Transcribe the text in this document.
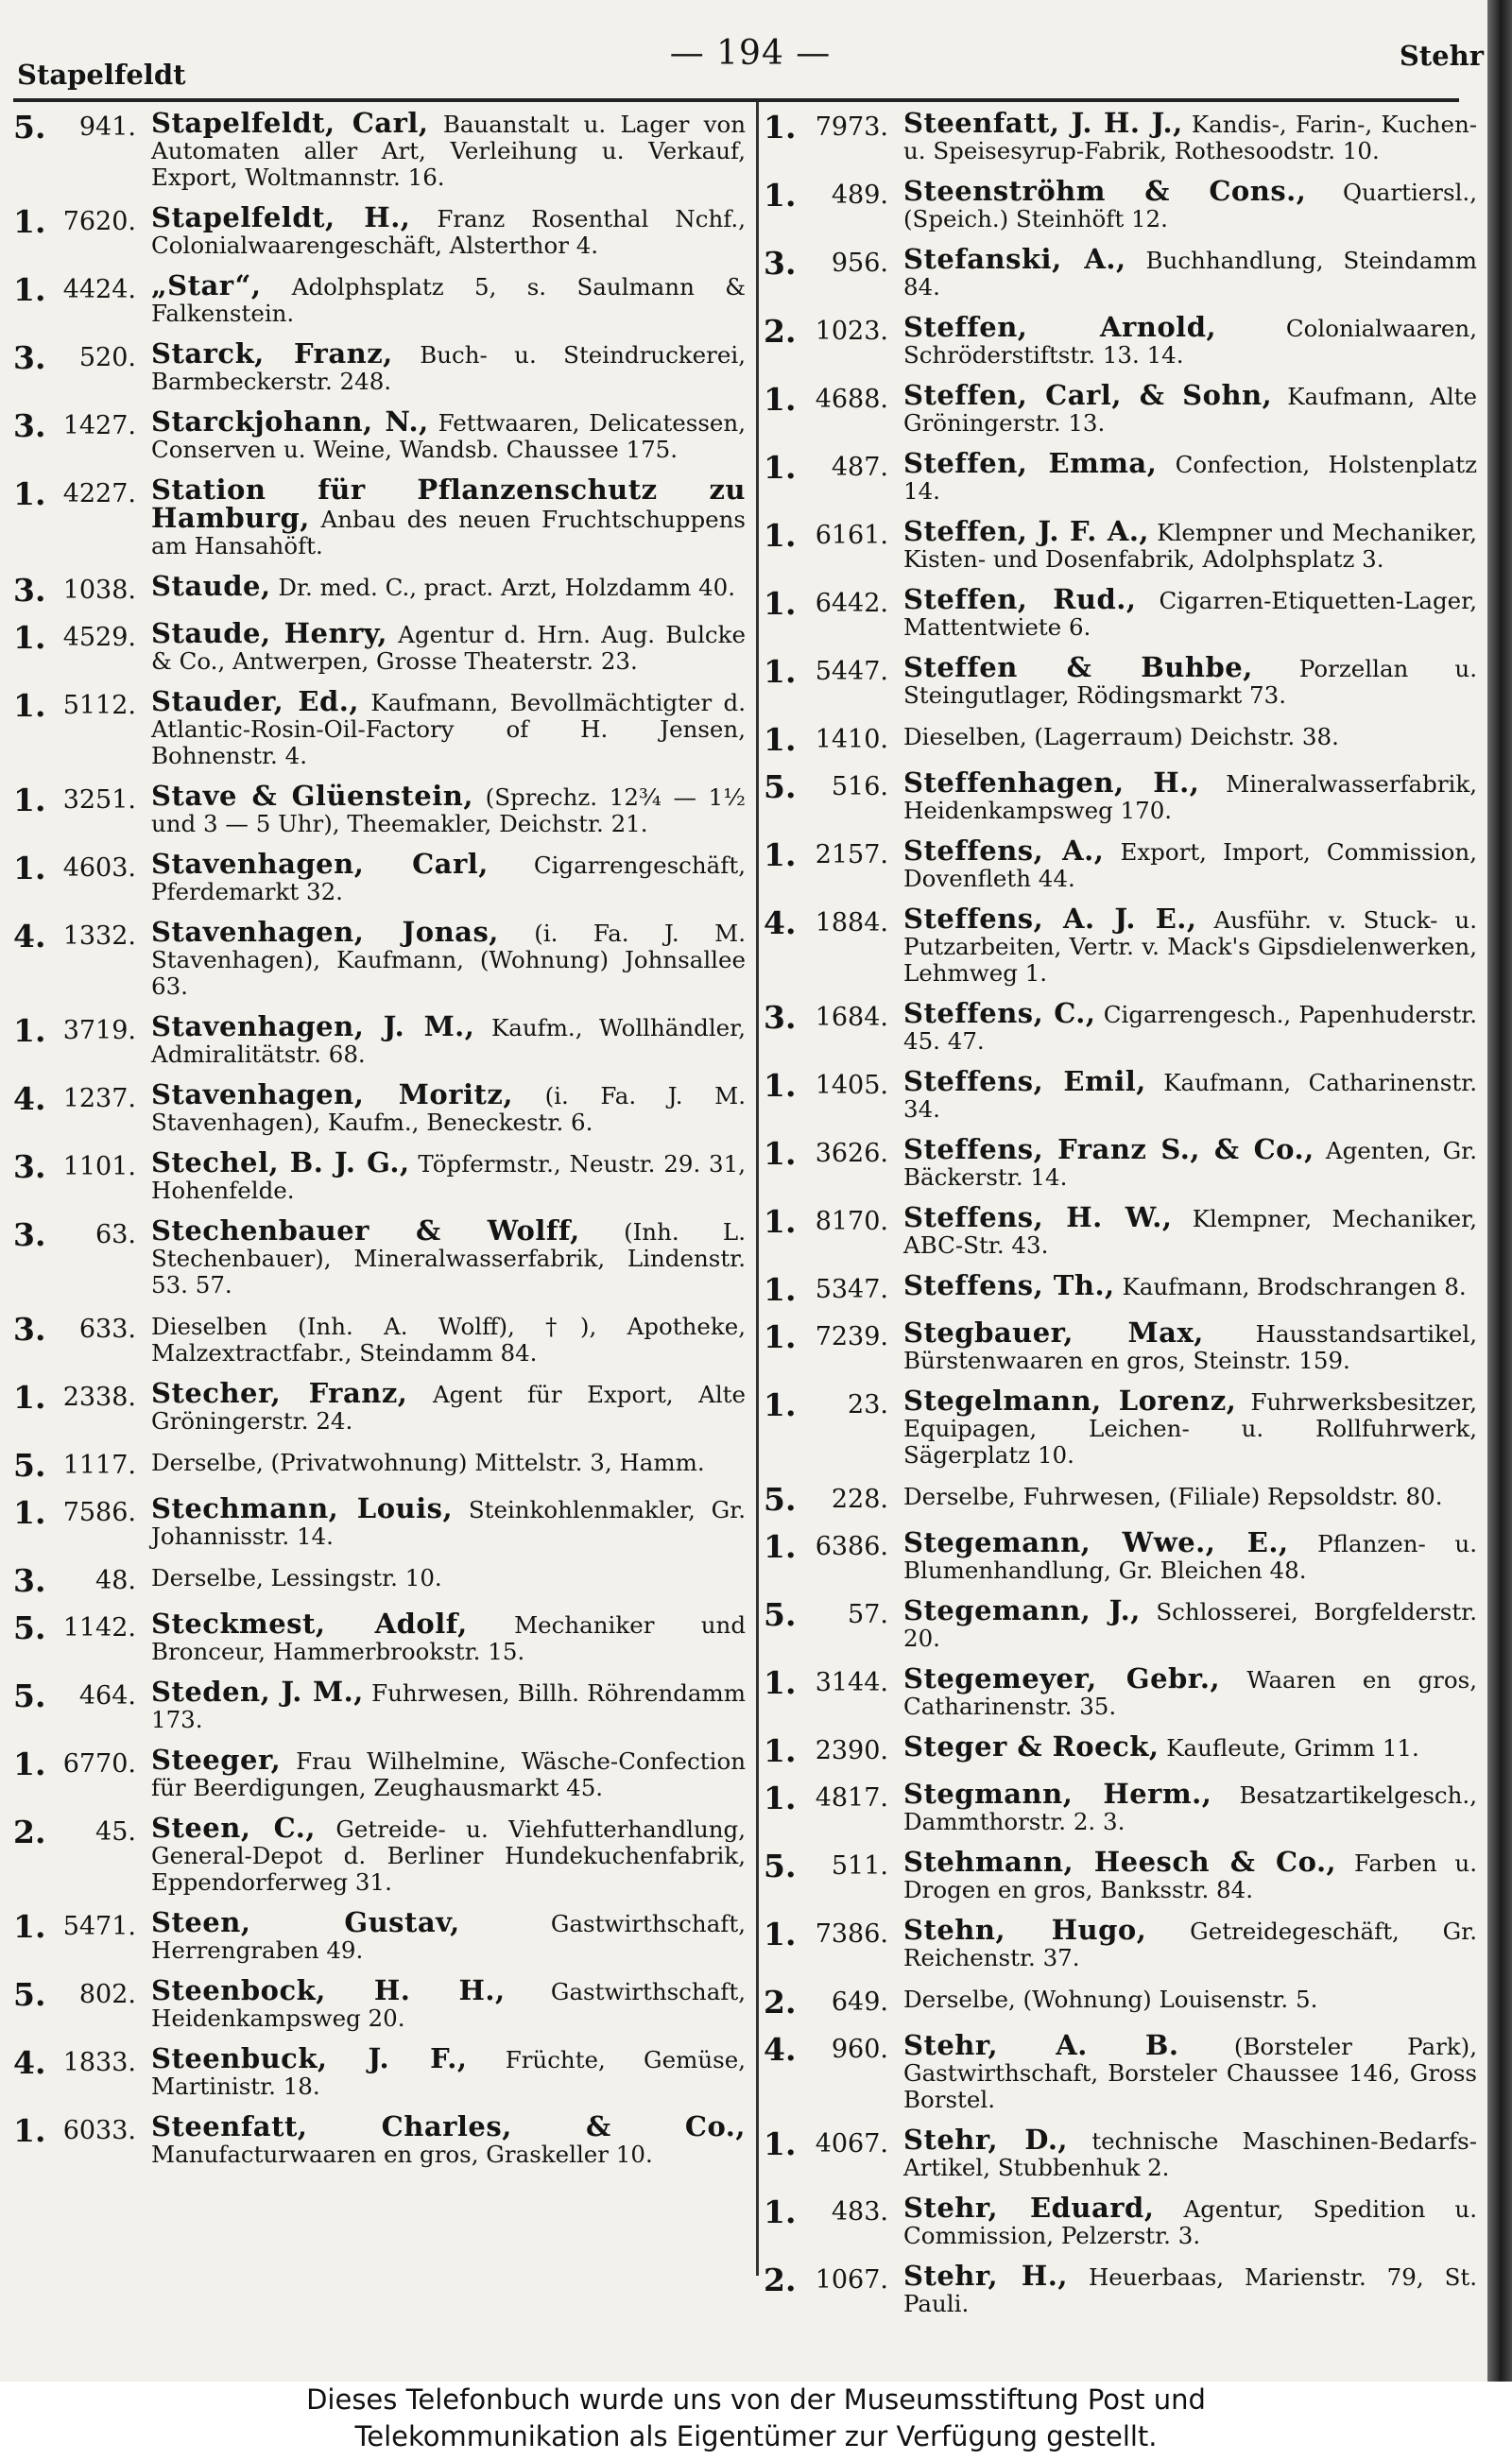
Stapelfeldt
— 194 —	Stehr
5.	941. Stapelfeldt, Carl, Bauanstalt u. Lager von Automaten aller Art, Verleihung u. Verkauf, Export, Woltmannstr. 16.
1. 7620. Stapelfeldt, H., Franz Rosenthal Nchf., Colonialwaarengeschäft, Alsterthor 4.
1. 4424. „Star“, Adolphsplatz 5, s. Saulmann & Falkenstein.
3.	520. Starck, Franz, Buch- u. Steindruckerei, Barmbeckerstr. 248.
3. 1427. Starckjohann, N., Fettwaaren, Delicatessen, Conserven u. Weine, Wandsb. Chaussee 175.
1. 4227. Station für Pflanzenschutz zu Hamburg, Anbau des neuen Fruchtschuppens am Hansahöft.
3. 1038. Staude, Dr. med. C., pract. Arzt, Holzdamm 40.
1. 4529. Staude, Henry, Agentur d. Hrn. Aug. Bulcke & Co., Antwerpen, Grosse Theaterstr. 23.
1. 5112. Stauder, Ed., Kaufmann, Bevollmächtigter d. Atlantic-Rosin-Oil-Factory of H. Jensen, Bohnenstr. 4.
1. 3251. Stave & Glüenstein, (Sprechz. 12¾ — 1½ und 3 — 5 Uhr), Theemakler, Deichstr. 21.
1. 4603. Stavenhagen, Carl, Cigarrengeschäft, Pferdemarkt 32.
4. 1332. Stavenhagen, Jonas, (i. Fa. J. M. Stavenhagen), Kaufmann, (Wohnung) Johnsallee 63.
1. 3719. Stavenhagen, J. M., Kaufm., Wollhändler, Admiralitätstr. 68.
4. 1237. Stavenhagen, Moritz, (i. Fa. J. M. Stavenhagen), Kaufm., Beneckestr. 6.
3. 1101. Stechel, B. J. G., Töpfermstr., Neustr. 29. 31, Hohenfelde.
3.	63. Stechenbauer & Wolff, (Inh. L. Stechenbauer), Mineralwasserfabrik, Lindenstr. 53. 57.
3.	633. Dieselben (Inh. A. Wolff), †), Apotheke, Malzextractfabr., Steindamm 84.
1. 2338. Stecher, Franz, Agent für Export, Alte Gröningerstr. 24.
5. 1117. Derselbe, (Privatwohnung) Mittelstr. 3, Hamm.
1. 7586. Stechmann, Louis, Steinkohlenmakler, Gr. Johannisstr. 14.
3.	48. Derselbe, Lessingstr. 10.
5. 1142. Steckmest, Adolf, Mechaniker und Bronceur, Hammerbrookstr. 15.
5.	464. Steden, J. M., Fuhrwesen, Billh. Röhrendamm 173.
1. 6770. Steeger, Frau Wilhelmine, Wäsche-Confection für Beerdigungen, Zeughausmarkt 45.
2.	45. Steen, C., Getreide- u. Viehfutterhandlung, General-Depot d. Berliner Hundekuchenfabrik, Eppendorferweg 31.
1. 5471. Steen, Gustav,	Gastwirthschaft, Herrengraben 49.
5.	802. Steenbock, H. H., Gastwirthschaft, Heidenkampsweg 20.
4. 1833. Steenbuck, J. F., Früchte, Gemüse, Martinistr. 18.
1. 6033. Steenfatt, Charles, & Co., Manufacturwaaren en gros, Graskeller 10.
1. 7973. Steenfatt, J. H. J., Kandis-, Farin-, Kuchen- u. Speisesyrup-Fabrik, Rothesoodstr. 10.
1.	489. Steenströhm & Cons., Quartiersl., (Speich.) Steinhöft 12.
3.	956. Stefanski, A., Buchhandlung, Steindamm 84.
2. 1023. Steffen, Arnold,	Colonialwaaren, Schröderstiftstr. 13. 14.
1. 4688. Steffen, Carl, & Sohn, Kaufmann, Alte Gröningerstr. 13.
1.	487. Steffen, Emma, Confection, Holstenplatz 14.
1. 6161. Steffen, J. F. A., Klempner und Mechaniker, Kisten- und Dosenfabrik, Adolphsplatz 3.
1. 6442. Steffen, Rud., Cigarren-Etiquetten-Lager, Mattentwiete 6.
1. 5447. Steffen & Buhbe, Porzellan u. Steingutlager, Rödingsmarkt 73.
1. 1410. Dieselben, (Lagerraum) Deichstr. 38.
5.	516. Steffenhagen, H., Mineralwasserfabrik, Heidenkampsweg 170.
1. 2157. Steffens, A., Export, Import, Commission, Dovenfleth 44.
4. 1884. Steffens, A. J. E., Ausführ. v. Stuck- u. Putzarbeiten, Vertr. v. Mack's Gipsdielenwerken, Lehmweg 1.
3. 1684. Steffens, C., Cigarrengesch., Papenhuderstr. 45. 47.
1. 1405. Steffens, Emil, Kaufmann, Catharinenstr. 34.
1. 3626. Steffens, Franz S., & Co., Agenten, Gr. Bäckerstr. 14.
1. 8170. Steffens, H. W., Klempner, Mechaniker, ABC-Str. 43.
1. 5347. Steffens, Th., Kaufmann, Brodschrangen 8.
1. 7239. Stegbauer, Max, Hausstandsartikel, Bürstenwaaren en gros, Steinstr. 159.
1.	23. Stegelmann, Lorenz, Fuhrwerksbesitzer, Equipagen, Leichen- u. Rollfuhrwerk, Sägerplatz 10.
5.	228. Derselbe, Fuhrwesen, (Filiale) Repsoldstr. 80.
1. 6386. Stegemann, Wwe., E., Pflanzen- u. Blumenhandlung, Gr. Bleichen 48.
5.	57. Stegemann, J., Schlosserei, Borgfelderstr. 20.
1. 3144. Stegemeyer, Gebr., Waaren en gros, Catharinenstr. 35.
1. 2390. Steger & Roeck, Kaufleute, Grimm 11.
1. 4817. Stegmann, Herm., Besatzartikelgesch., Dammthorstr. 2. 3.
5.	511. Stehmann, Heesch & Co., Farben u. Drogen en gros, Banksstr. 84.
1. 7386. Stehn, Hugo, Getreidegeschäft, Gr. Reichenstr. 37.
2.	649. Derselbe, (Wohnung) Louisenstr. 5.
4.	960. Stehr, A. B. (Borsteler Park), Gastwirthschaft, Borsteler Chaussee 146, Gross Borstel.
1. 4067. Stehr, D., technische Maschinen-Bedarfs-Artikel, Stubbenhuk 2.
1.	483. Stehr, Eduard, Agentur, Spedition u. Commission, Pelzerstr. 3.
2. 1067. Stehr, H., Heuerbaas, Marienstr. 79, St. Pauli.
Dieses Telefonbuch wurde uns von der Museumsstiftung Post und
Telekommunikation als Eigentümer zur Verfügung gestellt.
